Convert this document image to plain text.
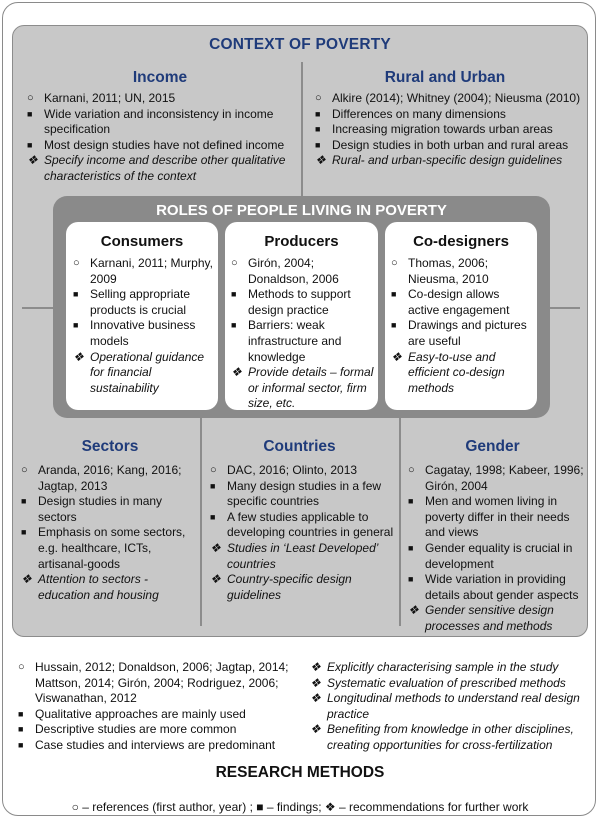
CONTEXT OF POVERTY
Income
○ Karnani, 2011; UN, 2015
■ Wide variation and inconsistency in income specification
■ Most design studies have not defined income
❖ Specify income and describe other qualitative characteristics of the context
Rural and Urban
○ Alkire (2014); Whitney (2004); Nieusma (2010)
■ Differences on many dimensions
■ Increasing migration towards urban areas
■ Design studies in both urban and rural areas
❖ Rural- and urban-specific design guidelines
ROLES OF PEOPLE LIVING IN POVERTY
Consumers
○ Karnani, 2011; Murphy, 2009
■ Selling appropriate products is crucial
■ Innovative business models
❖ Operational guidance for financial sustainability
Producers
○ Girón, 2004; Donaldson, 2006
■ Methods to support design practice
■ Barriers: weak infrastructure and knowledge
❖ Provide details – formal or informal sector, firm size, etc.
Co-designers
○ Thomas, 2006; Nieusma, 2010
■ Co-design allows active engagement
■ Drawings and pictures are useful
❖ Easy-to-use and efficient co-design methods
Sectors
○ Aranda, 2016; Kang, 2016; Jagtap, 2013
■ Design studies in many sectors
■ Emphasis on some sectors, e.g. healthcare, ICTs, artisanal-goods
❖ Attention to sectors - education and housing
Countries
○ DAC, 2016; Olinto, 2013
■ Many design studies in a few specific countries
■ A few studies applicable to developing countries in general
❖ Studies in ‘Least Developed’ countries
❖ Country-specific design guidelines
Gender
○ Cagatay, 1998; Kabeer, 1996; Girón, 2004
■ Men and women living in poverty differ in their needs and views
■ Gender equality is crucial in development
■ Wide variation in providing details about gender aspects
❖ Gender sensitive design processes and methods
○ Hussain, 2012; Donaldson, 2006; Jagtap, 2014; Mattson, 2014; Girón, 2004; Rodriguez, 2006; Viswanathan, 2012
■ Qualitative approaches are mainly used
■ Descriptive studies are more common
■ Case studies and interviews are predominant
❖ Explicitly characterising sample in the study
❖ Systematic evaluation of prescribed methods
❖ Longitudinal methods to understand real design practice
❖ Benefiting from knowledge in other disciplines, creating opportunities for cross-fertilization
RESEARCH METHODS
○ – references (first author, year) ; ■ – findings; ❖ – recommendations for further work
